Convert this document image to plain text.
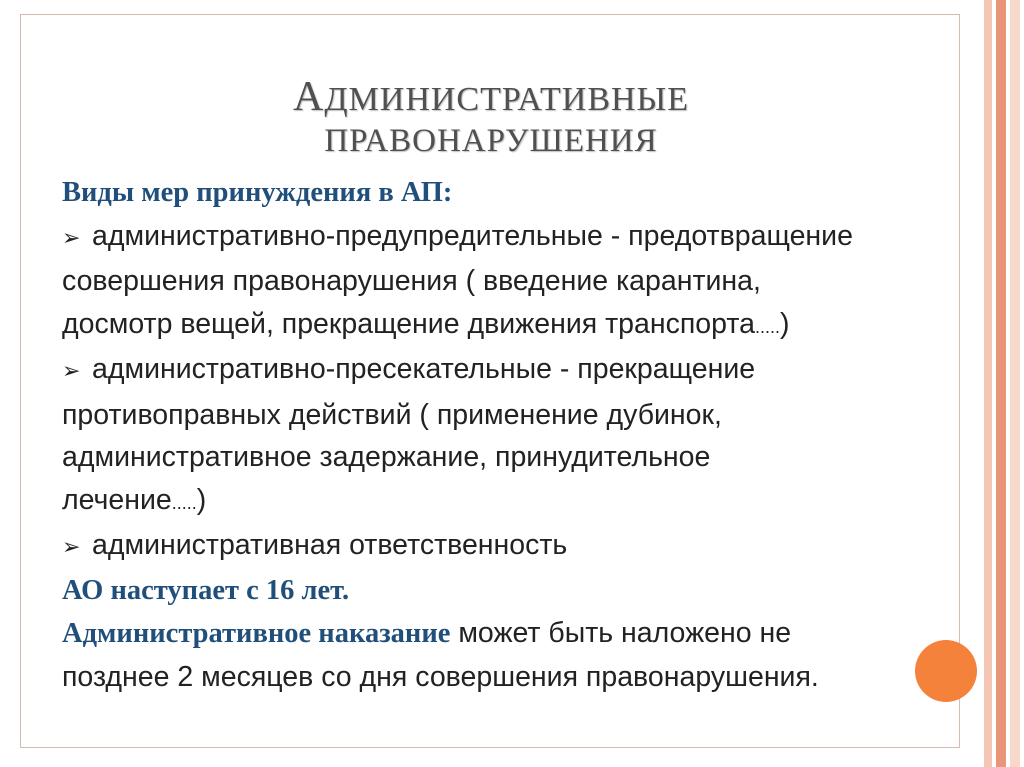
АДМИНИСТРАТИВНЫЕ
ПРАВОНАРУШЕНИЯ
Виды мер принуждения в АП:
➢ административно-предупредительные - предотвращение
совершения правонарушения ( введение карантина,
досмотр вещей, прекращение движения транспорта.....)
➢ административно-пресекательные - прекращение
противоправных действий ( применение дубинок,
административное задержание, принудительное
лечение.....)
➢ административная ответственность
АО наступает с 16 лет.
Административное наказание может быть наложено не
позднее 2 месяцев со дня совершения правонарушения.
